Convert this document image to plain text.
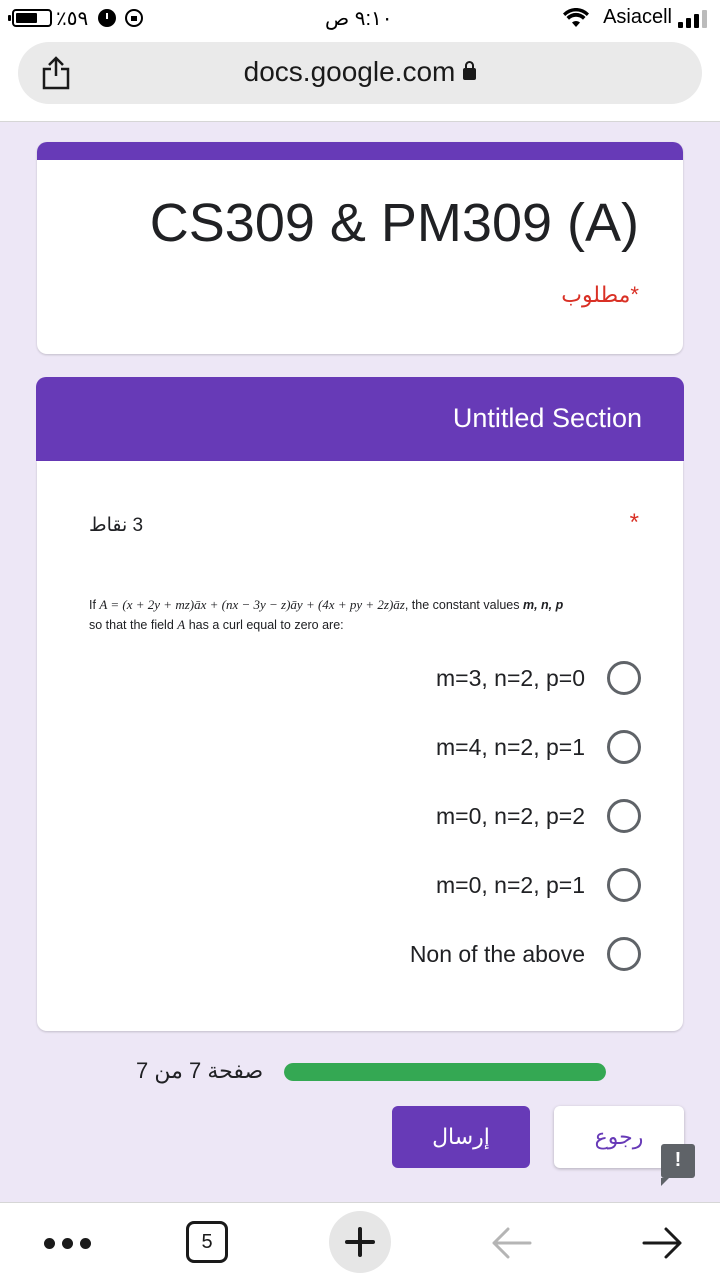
٪٥٩	٩:١٠ ص	Asiacell
docs.google.com
CS309 & PM309 (A)
*مطلوب
Untitled Section
3 نقاط	*
If A = (x + 2y + mz)āx + (nx − 3y − z)āy + (4x + py + 2z)āz, the constant values m, n, p
so that the field A has a curl equal to zero are:
m=3, n=2, p=0
m=4, n=2, p=1
m=0, n=2, p=2
m=0, n=2, p=1
Non of the above
صفحة 7 من 7
إرسال	رجوع
!
5
